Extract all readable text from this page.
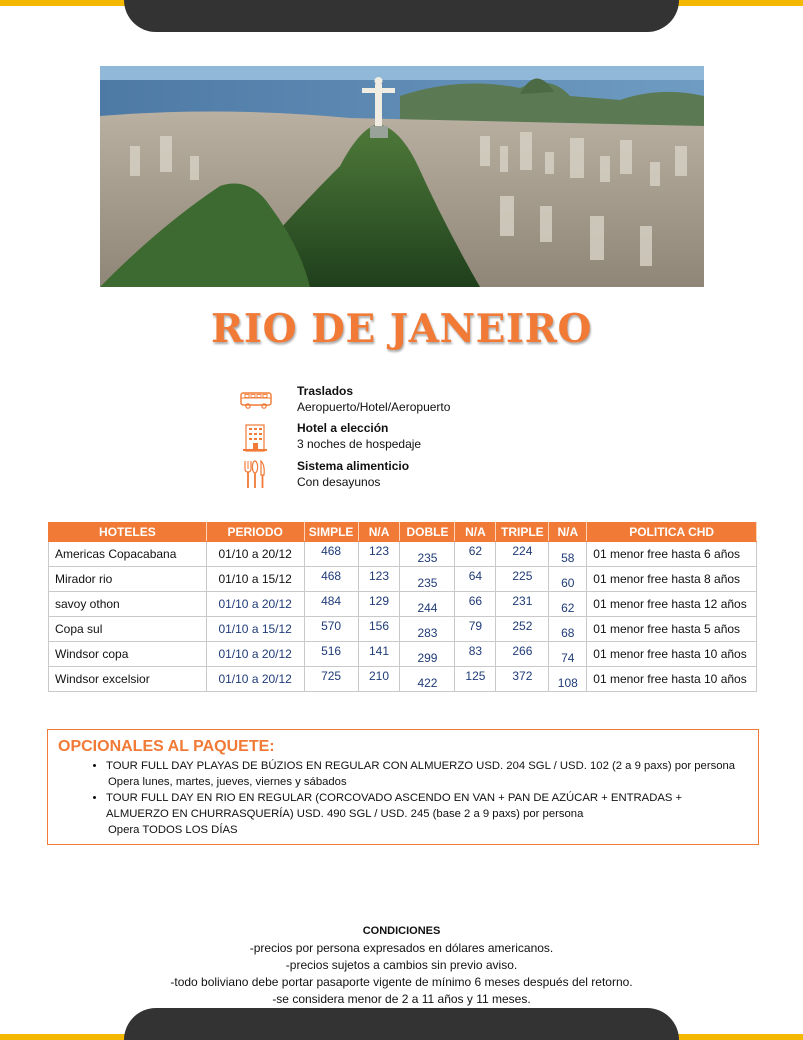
RIO DE JANEIRO
Traslados
Aeropuerto/Hotel/Aeropuerto
Hotel a elección
3 noches de hospedaje
Sistema alimenticio
Con desayunos
HOTELES	PERIODO	SIMPLE	N/A	DOBLE	N/A	TRIPLE	N/A	POLITICA CHD
Americas Copacabana	01/10 a 20/12	468	123	235	62	224	58	01 menor free hasta 6 años
Mirador rio	01/10 a 15/12	468	123	235	64	225	60	01 menor free hasta 8 años
savoy othon	01/10 a 20/12	484	129	244	66	231	62	01 menor free hasta 12 años
Copa sul	01/10 a 15/12	570	156	283	79	252	68	01 menor free hasta 5 años
Windsor copa	01/10 a 20/12	516	141	299	83	266	74	01 menor free hasta 10 años
Windsor excelsior	01/10 a 20/12	725	210	422	125	372	108	01 menor free hasta 10 años
OPCIONALES AL PAQUETE:
• TOUR FULL DAY PLAYAS DE BÚZIOS EN REGULAR CON ALMUERZO USD. 204 SGL / USD. 102 (2 a 9 paxs) por persona
Opera lunes, martes, jueves, viernes y sábados
• TOUR FULL DAY EN RIO EN REGULAR (CORCOVADO ASCENDO EN VAN + PAN DE AZÚCAR + ENTRADAS + ALMUERZO EN CHURRASQUERÍA) USD. 490 SGL / USD. 245 (base 2 a 9 paxs) por persona
Opera TODOS LOS DÍAS
CONDICIONES
-precios por persona expresados en dólares americanos.
-precios sujetos a cambios sin previo aviso.
-todo boliviano debe portar pasaporte vigente de mínimo 6 meses después del retorno.
-se considera menor de 2 a 11 años y 11 meses.
